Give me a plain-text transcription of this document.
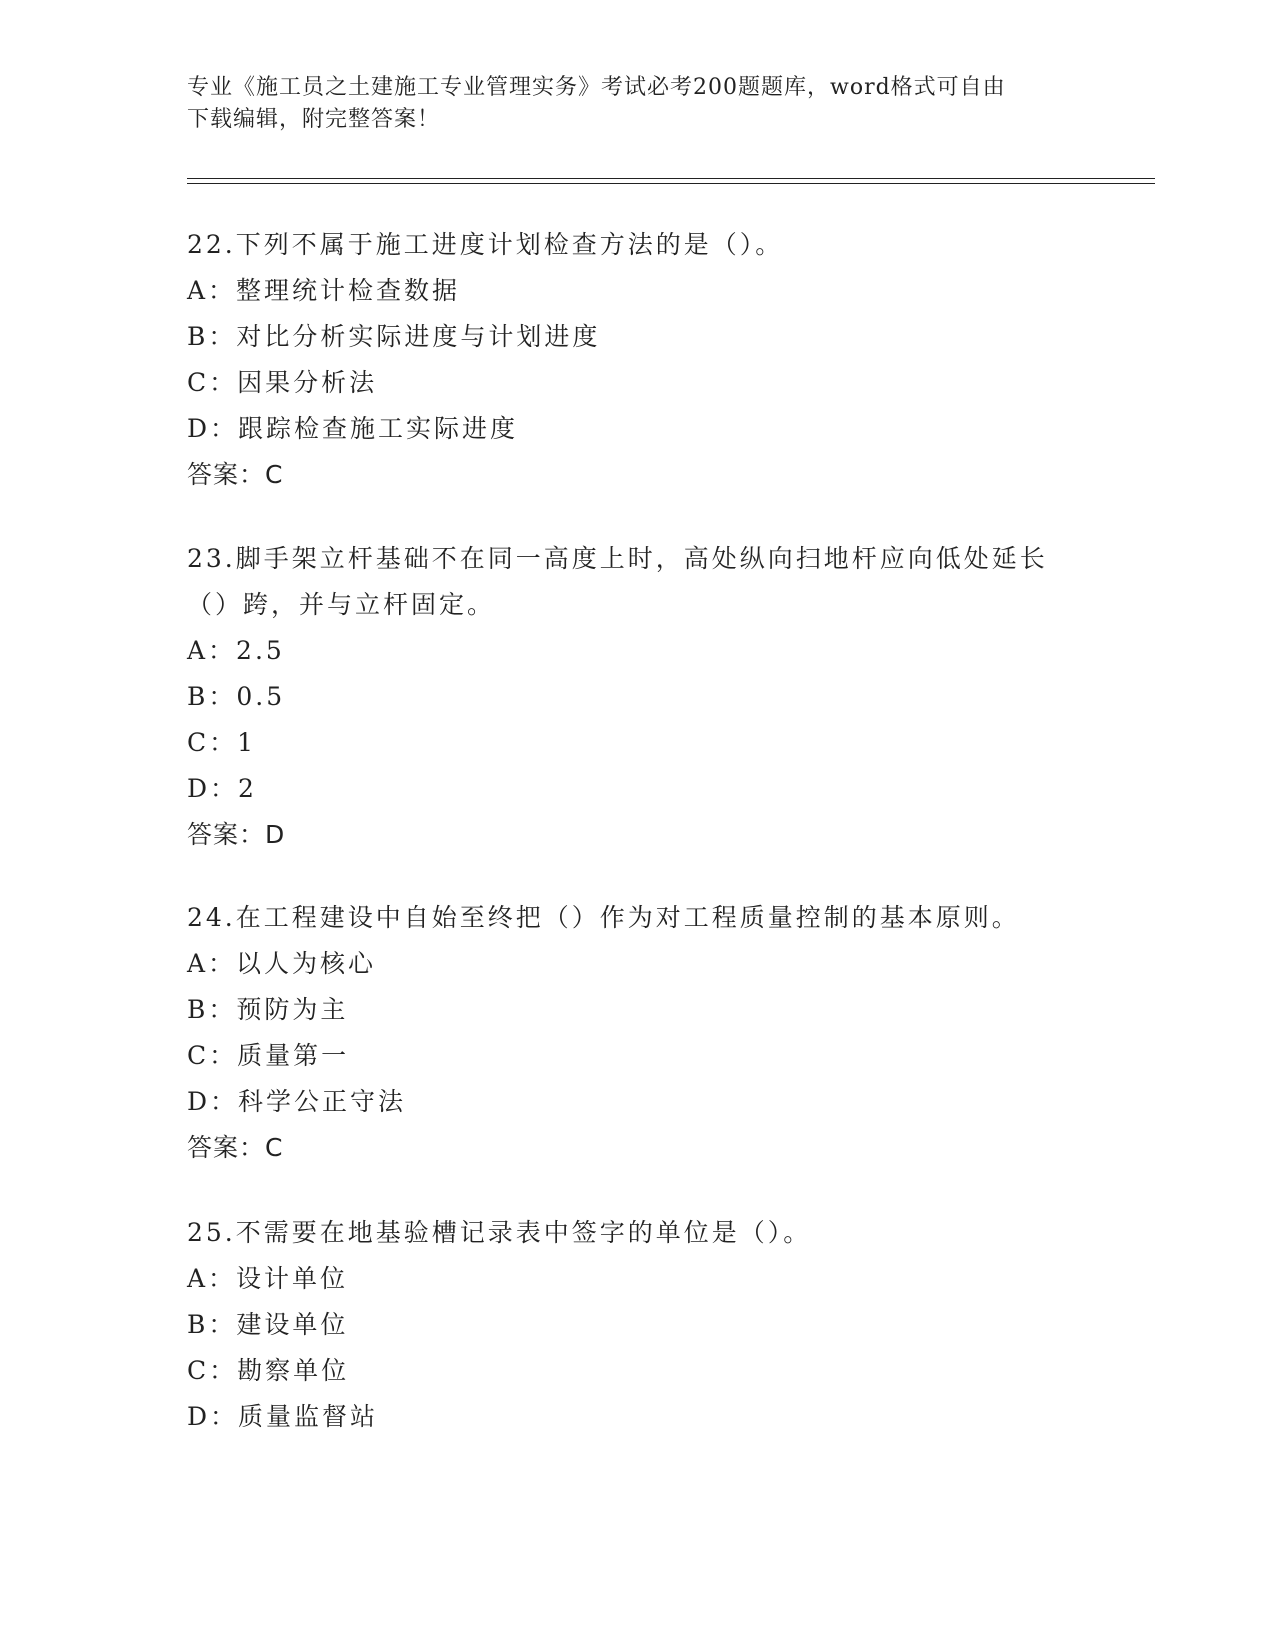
专业《施工员之土建施工专业管理实务》考试必考200题题库，word格式可自由
下载编辑，附完整答案！
22.下列不属于施工进度计划检查方法的是（）。
A：整理统计检查数据
B：对比分析实际进度与计划进度
C：因果分析法
D：跟踪检查施工实际进度
答案：C
23.脚手架立杆基础不在同一高度上时，高处纵向扫地杆应向低处延长
（）跨，并与立杆固定。
A：2.5
B：0.5
C：1
D：2
答案：D
24.在工程建设中自始至终把（）作为对工程质量控制的基本原则。
A：以人为核心
B：预防为主
C：质量第一
D：科学公正守法
答案：C
25.不需要在地基验槽记录表中签字的单位是（）。
A：设计单位
B：建设单位
C：勘察单位
D：质量监督站
